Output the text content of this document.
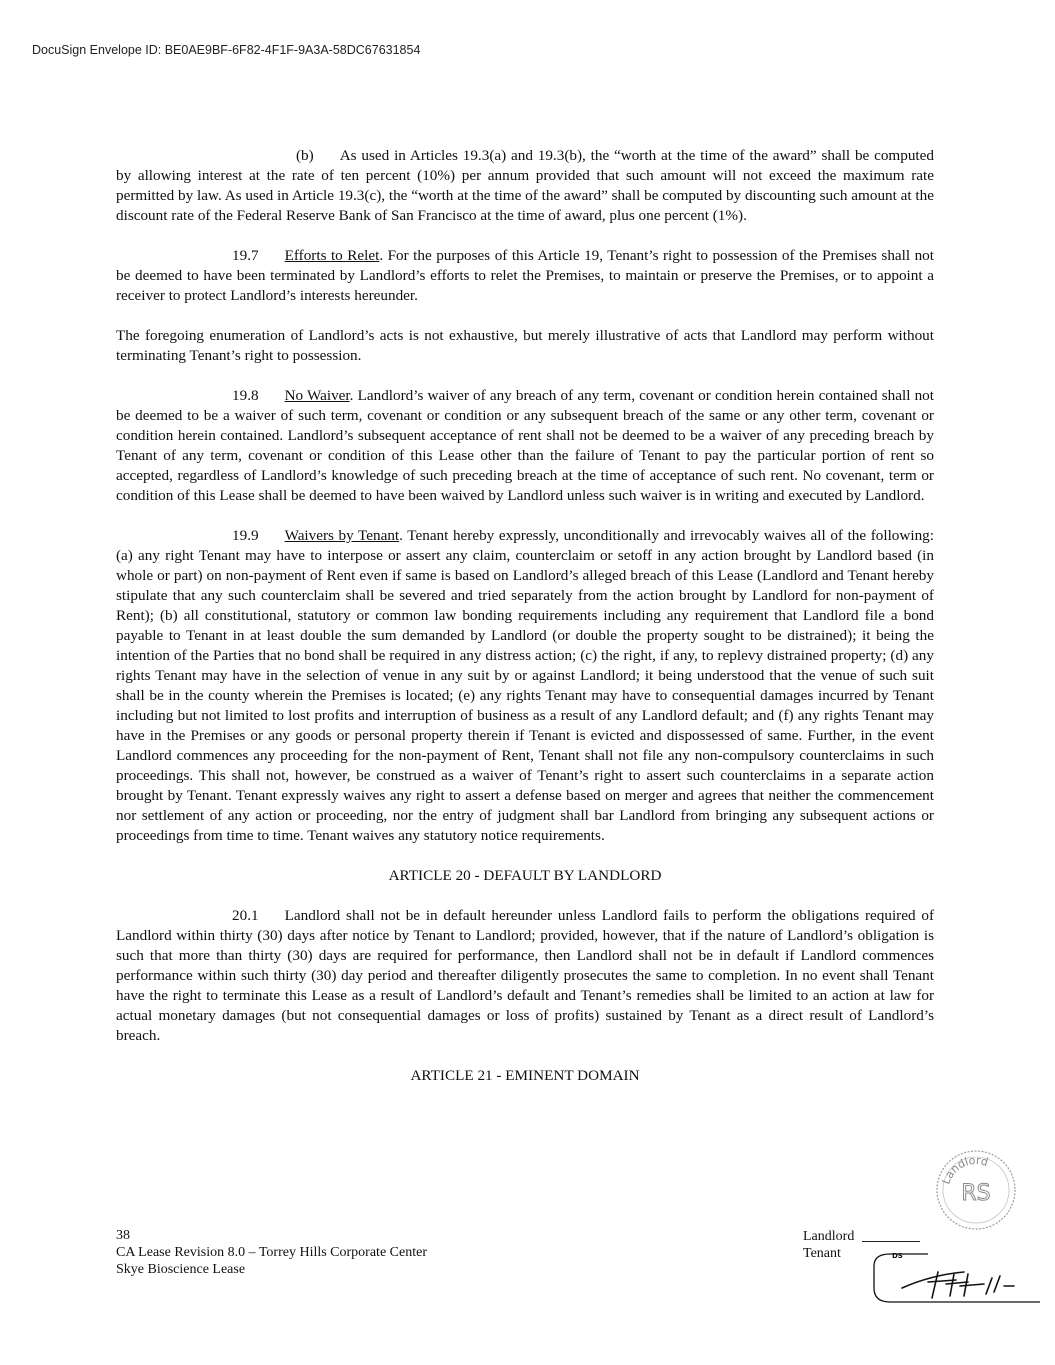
DocuSign Envelope ID: BE0AE9BF-6F82-4F1F-9A3A-58DC67631854

(b) As used in Articles 19.3(a) and 19.3(b), the “worth at the time of the award” shall be computed by allowing interest at the rate of ten percent (10%) per annum provided that such amount will not exceed the maximum rate permitted by law. As used in Article 19.3(c), the “worth at the time of the award” shall be computed by discounting such amount at the discount rate of the Federal Reserve Bank of San Francisco at the time of award, plus one percent (1%).

19.7 Efforts to Relet. For the purposes of this Article 19, Tenant’s right to possession of the Premises shall not be deemed to have been terminated by Landlord’s efforts to relet the Premises, to maintain or preserve the Premises, or to appoint a receiver to protect Landlord’s interests hereunder.

The foregoing enumeration of Landlord’s acts is not exhaustive, but merely illustrative of acts that Landlord may perform without terminating Tenant’s right to possession.

19.8 No Waiver. Landlord’s waiver of any breach of any term, covenant or condition herein contained shall not be deemed to be a waiver of such term, covenant or condition or any subsequent breach of the same or any other term, covenant or condition herein contained. Landlord’s subsequent acceptance of rent shall not be deemed to be a waiver of any preceding breach by Tenant of any term, covenant or condition of this Lease other than the failure of Tenant to pay the particular portion of rent so accepted, regardless of Landlord’s knowledge of such preceding breach at the time of acceptance of such rent. No covenant, term or condition of this Lease shall be deemed to have been waived by Landlord unless such waiver is in writing and executed by Landlord.

19.9 Waivers by Tenant. Tenant hereby expressly, unconditionally and irrevocably waives all of the following: (a) any right Tenant may have to interpose or assert any claim, counterclaim or setoff in any action brought by Landlord based (in whole or part) on non-payment of Rent even if same is based on Landlord’s alleged breach of this Lease (Landlord and Tenant hereby stipulate that any such counterclaim shall be severed and tried separately from the action brought by Landlord for non-payment of Rent); (b) all constitutional, statutory or common law bonding requirements including any requirement that Landlord file a bond payable to Tenant in at least double the sum demanded by Landlord (or double the property sought to be distrained); it being the intention of the Parties that no bond shall be required in any distress action; (c) the right, if any, to replevy distrained property; (d) any rights Tenant may have in the selection of venue in any suit by or against Landlord; it being understood that the venue of such suit shall be in the county wherein the Premises is located; (e) any rights Tenant may have to consequential damages incurred by Tenant including but not limited to lost profits and interruption of business as a result of any Landlord default; and (f) any rights Tenant may have in the Premises or any goods or personal property therein if Tenant is evicted and dispossessed of same. Further, in the event Landlord commences any proceeding for the non-payment of Rent, Tenant shall not file any non-compulsory counterclaims in such proceedings. This shall not, however, be construed as a waiver of Tenant’s right to assert such counterclaims in a separate action brought by Tenant. Tenant expressly waives any right to assert a defense based on merger and agrees that neither the commencement nor settlement of any action or proceeding, nor the entry of judgment shall bar Landlord from bringing any subsequent actions or proceedings from time to time. Tenant waives any statutory notice requirements.

ARTICLE 20 - DEFAULT BY LANDLORD

20.1 Landlord shall not be in default hereunder unless Landlord fails to perform the obligations required of Landlord within thirty (30) days after notice by Tenant to Landlord; provided, however, that if the nature of Landlord’s obligation is such that more than thirty (30) days are required for performance, then Landlord shall not be in default if Landlord commences performance within such thirty (30) day period and thereafter diligently prosecutes the same to completion. In no event shall Tenant have the right to terminate this Lease as a result of Landlord’s default and Tenant’s remedies shall be limited to an action at law for actual monetary damages (but not consequential damages or loss of profits) sustained by Tenant as a direct result of Landlord’s breach.

ARTICLE 21 - EMINENT DOMAIN

38
CA Lease Revision 8.0 – Torrey Hills Corporate Center
Skye Bioscience Lease
Landlord
Tenant
Landlord
RS
DS
